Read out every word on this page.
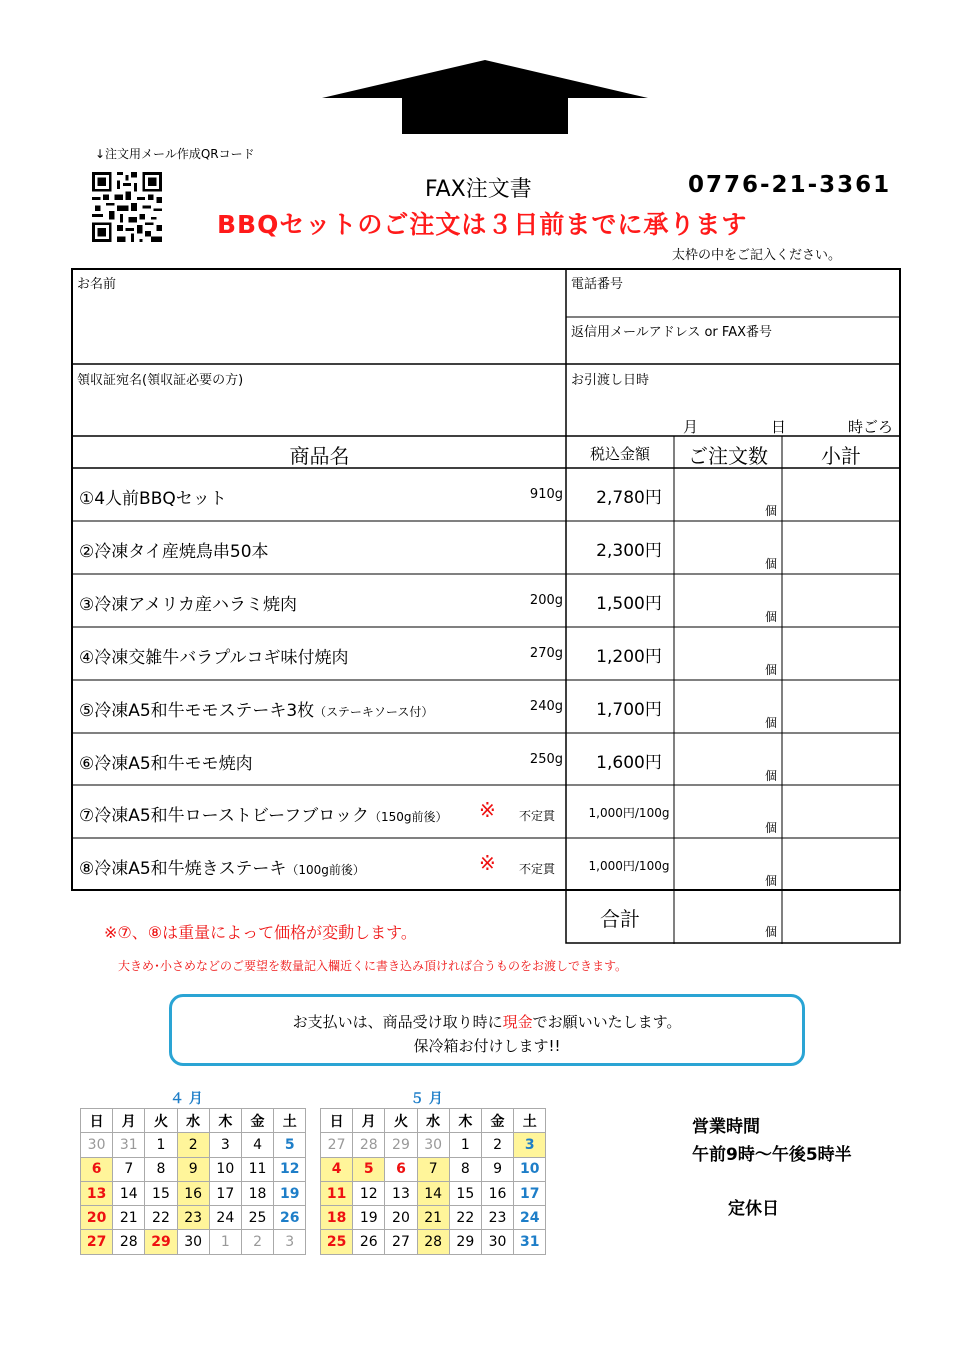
↓注文用メール作成QRコード
FAX注文書	0776-21-3361
BBQセットのご注文は３日前までに承ります
太枠の中をご記入ください。
お名前	電話番号
返信用メールアドレス or FAX番号
領収証宛名(領収証必要の方)	お引渡し日時
月	日	時ごろ
商品名	税込金額	ご注文数	小計
①4人前BBQセット	910g	2,780円
個
②冷凍タイ産焼鳥串50本	2,300円
個
③冷凍アメリカ産ハラミ焼肉	200g	1,500円
個
④冷凍交雑牛バラプルコギ味付焼肉	270g	1,200円
個
⑤冷凍A5和牛モモステーキ3枚（ステーキソース付）	240g	1,700円
個
⑥冷凍A5和牛モモ焼肉	250g	1,600円
個
⑦冷凍A5和牛ローストビーフブロック（150g前後） ※ 不定貫	1,000円/100g
個
⑧冷凍A5和牛焼きステーキ（100g前後）	※ 不定貫	1,000円/100g
個
合計
個
※⑦、⑧は重量によって価格が変動します。
大きめ･小さめなどのご要望を数量記入欄近くに書き込み頂ければ合うものをお渡しできます。
お支払いは、商品受け取り時に現金でお願いいたします。
保冷箱お付けします!!
４ 月	５ 月
日	月	火	水	木	金	土
30	31	1	2	3	4	5
6	7	8	9	10	11	12
13	14	15	16	17	18	19
20	21	22	23	24	25	26
27	28	29	30	1	2	3
日	月	火	水	木	金	土
27	28	29	30	1	2	3
4	5	6	7	8	9	10
11	12	13	14	15	16	17
18	19	20	21	22	23	24
25	26	27	28	29	30	31
営業時間
午前9時～午後5時半
定休日
